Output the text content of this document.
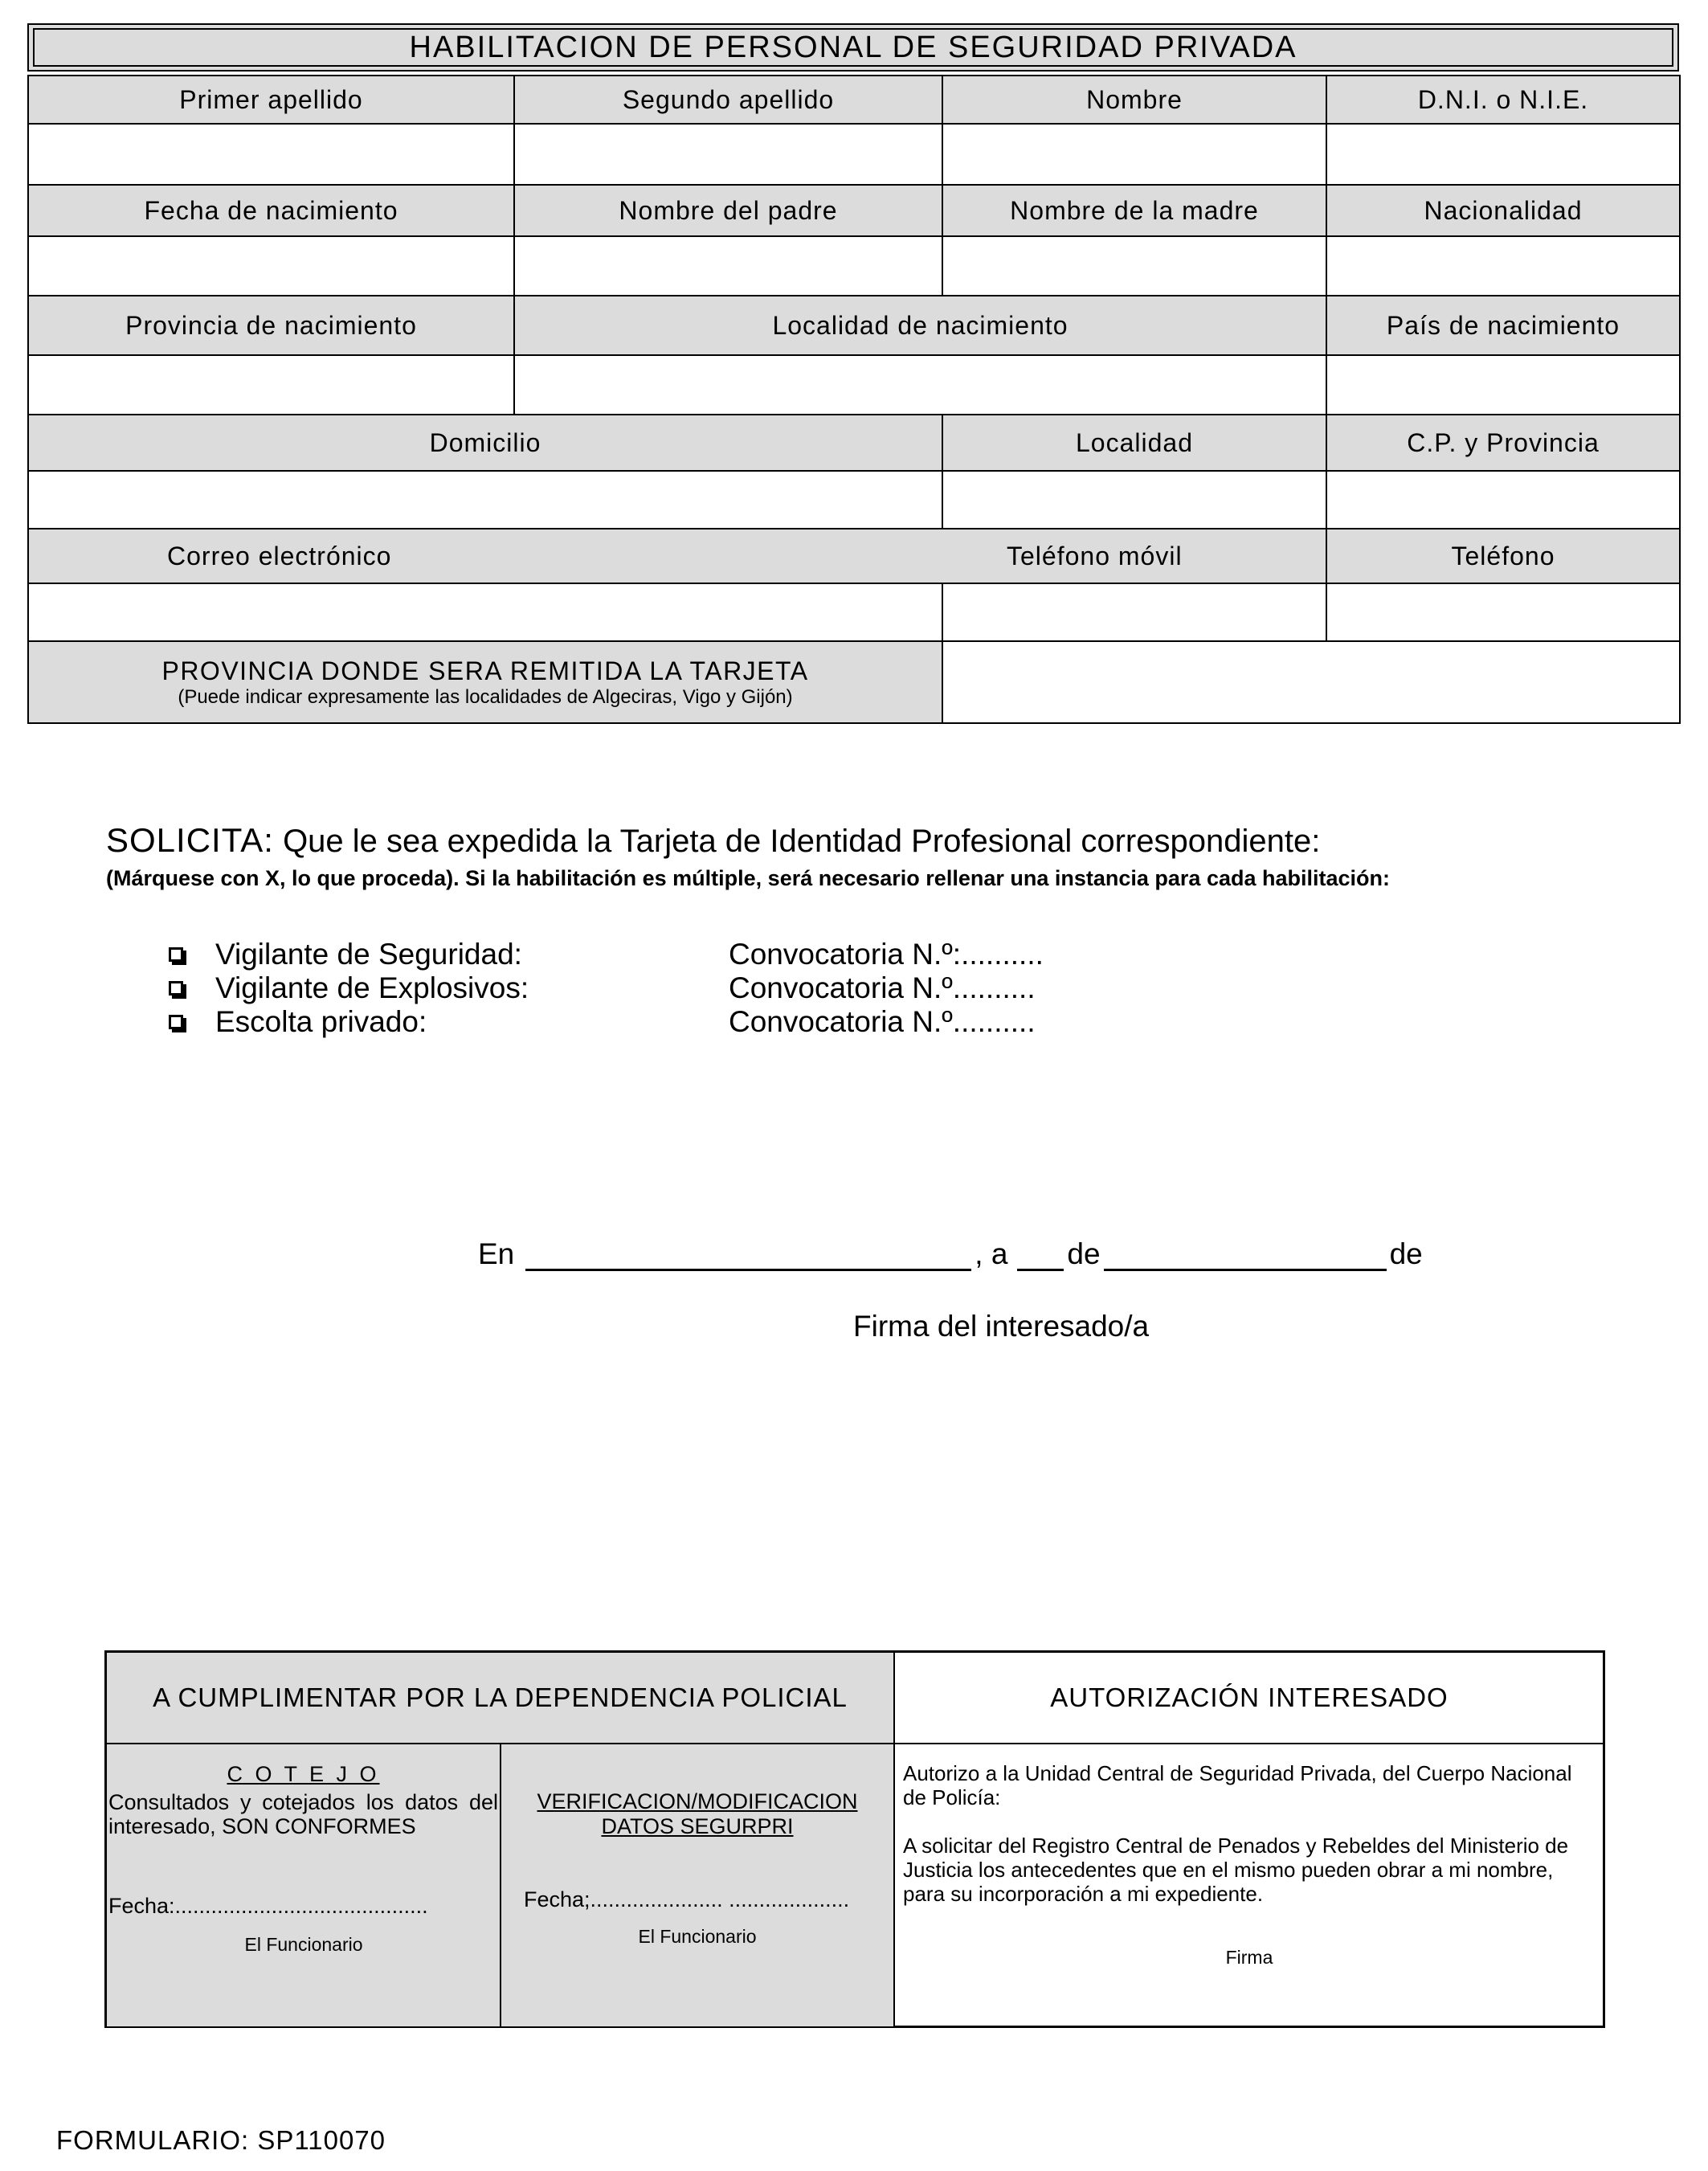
HABILITACION DE PERSONAL DE SEGURIDAD PRIVADA
Primer apellido	Segundo apellido	Nombre	D.N.I. o N.I.E.
Fecha de nacimiento	Nombre del padre	Nombre de la madre	Nacionalidad
Provincia de nacimiento	Localidad de nacimiento	País de nacimiento
Domicilio	Localidad	C.P. y Provincia
Correo electrónico	Teléfono móvil	Teléfono
PROVINCIA DONDE SERA REMITIDA LA TARJETA
(Puede indicar expresamente las localidades de Algeciras, Vigo y Gijón)
SOLICITA: Que le sea expedida la Tarjeta de Identidad Profesional correspondiente:
(Márquese con X, lo que proceda). Si la habilitación es múltiple, será necesario rellenar una instancia para cada habilitación:
Vigilante de Seguridad:	Convocatoria N.º:..........
Vigilante de Explosivos:	Convocatoria N.º..........
Escolta privado:	Convocatoria N.º..........
En	, a de	de
Firma del interesado/a
A CUMPLIMENTAR POR LA DEPENDENCIA POLICIAL	AUTORIZACIÓN INTERESADO
C O T E J O
Consultados y cotejados los datos del interesado, SON CONFORMES
Fecha:..........................................
El Funcionario
VERIFICACION/MODIFICACION DATOS SEGURPRI
Fecha;...................... ....................
El Funcionario
Autorizo a la Unidad Central de Seguridad Privada, del Cuerpo Nacional de Policía:
A solicitar del Registro Central de Penados y Rebeldes del Ministerio de Justicia los antecedentes que en el mismo pueden obrar a mi nombre, para su incorporación a mi expediente.
Firma
FORMULARIO: SP110070
